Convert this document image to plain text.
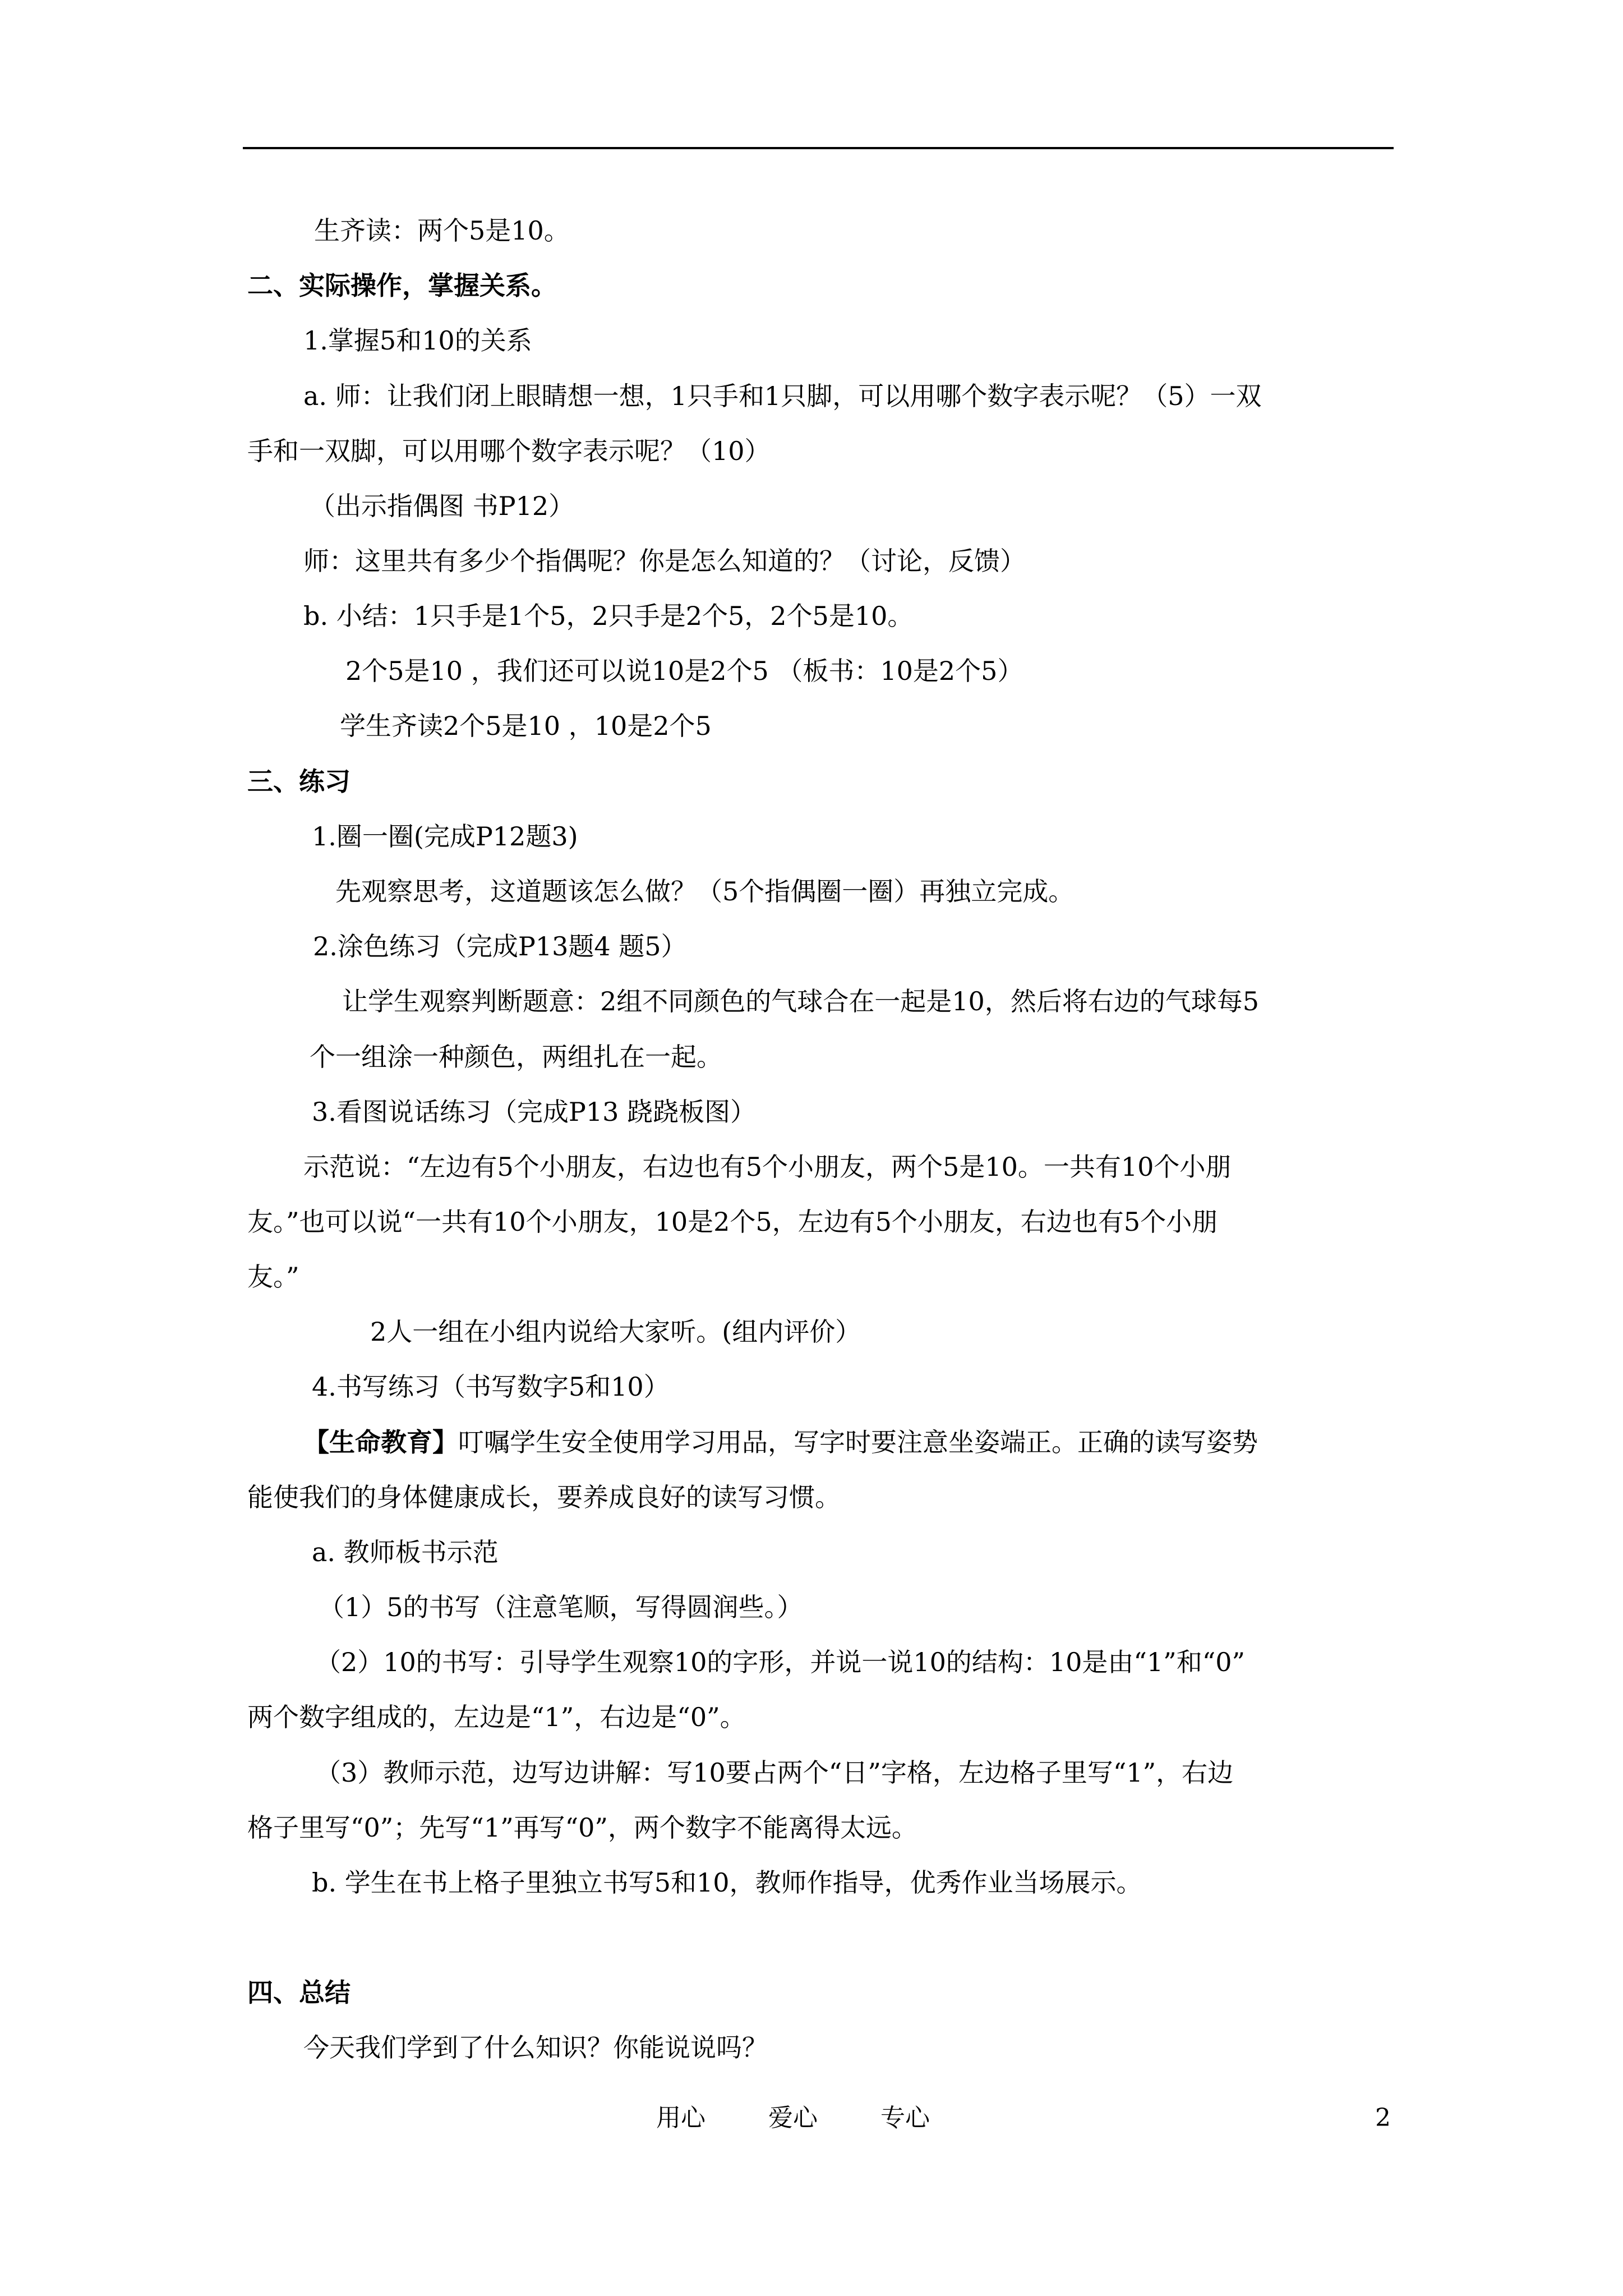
生齐读：两个5是10。
二、实际操作，掌握关系。
1.掌握5和10的关系
a. 师：让我们闭上眼睛想一想，1只手和1只脚，可以用哪个数字表示呢？（5）一双
手和一双脚，可以用哪个数字表示呢？（10）
（出示指偶图 书P12）
师：这里共有多少个指偶呢？你是怎么知道的？（讨论，反馈）
b. 小结：1只手是1个5，2只手是2个5，2个5是10。
2个5是10 ，我们还可以说10是2个5 （板书：10是2个5）
学生齐读2个5是10 ，10是2个5
三、练习
1.圈一圈(完成P12题3)
先观察思考，这道题该怎么做？（5个指偶圈一圈）再独立完成。
2.涂色练习（完成P13题4 题5）
让学生观察判断题意：2组不同颜色的气球合在一起是10，然后将右边的气球每5
个一组涂一种颜色，两组扎在一起。
3.看图说话练习（完成P13 跷跷板图）
示范说：“左边有5个小朋友，右边也有5个小朋友，两个5是10。一共有10个小朋
友。”也可以说“一共有10个小朋友，10是2个5，左边有5个小朋友，右边也有5个小朋
友。”
2人一组在小组内说给大家听。(组内评价）
4.书写练习（书写数字5和10）
【生命教育】叮嘱学生安全使用学习用品，写字时要注意坐姿端正。正确的读写姿势
能使我们的身体健康成长，要养成良好的读写习惯。
a. 教师板书示范
（1）5的书写（注意笔顺，写得圆润些。）
（2）10的书写：引导学生观察10的字形，并说一说10的结构：10是由“1”和“0”
两个数字组成的，左边是“1”，右边是“0”。
（3）教师示范，边写边讲解：写10要占两个“日”字格，左边格子里写“1”，右边
格子里写“0”；先写“1”再写“0”，两个数字不能离得太远。
b. 学生在书上格子里独立书写5和10，教师作指导，优秀作业当场展示。
四、总结
今天我们学到了什么知识？你能说说吗？
用心	爱心	专心	2
